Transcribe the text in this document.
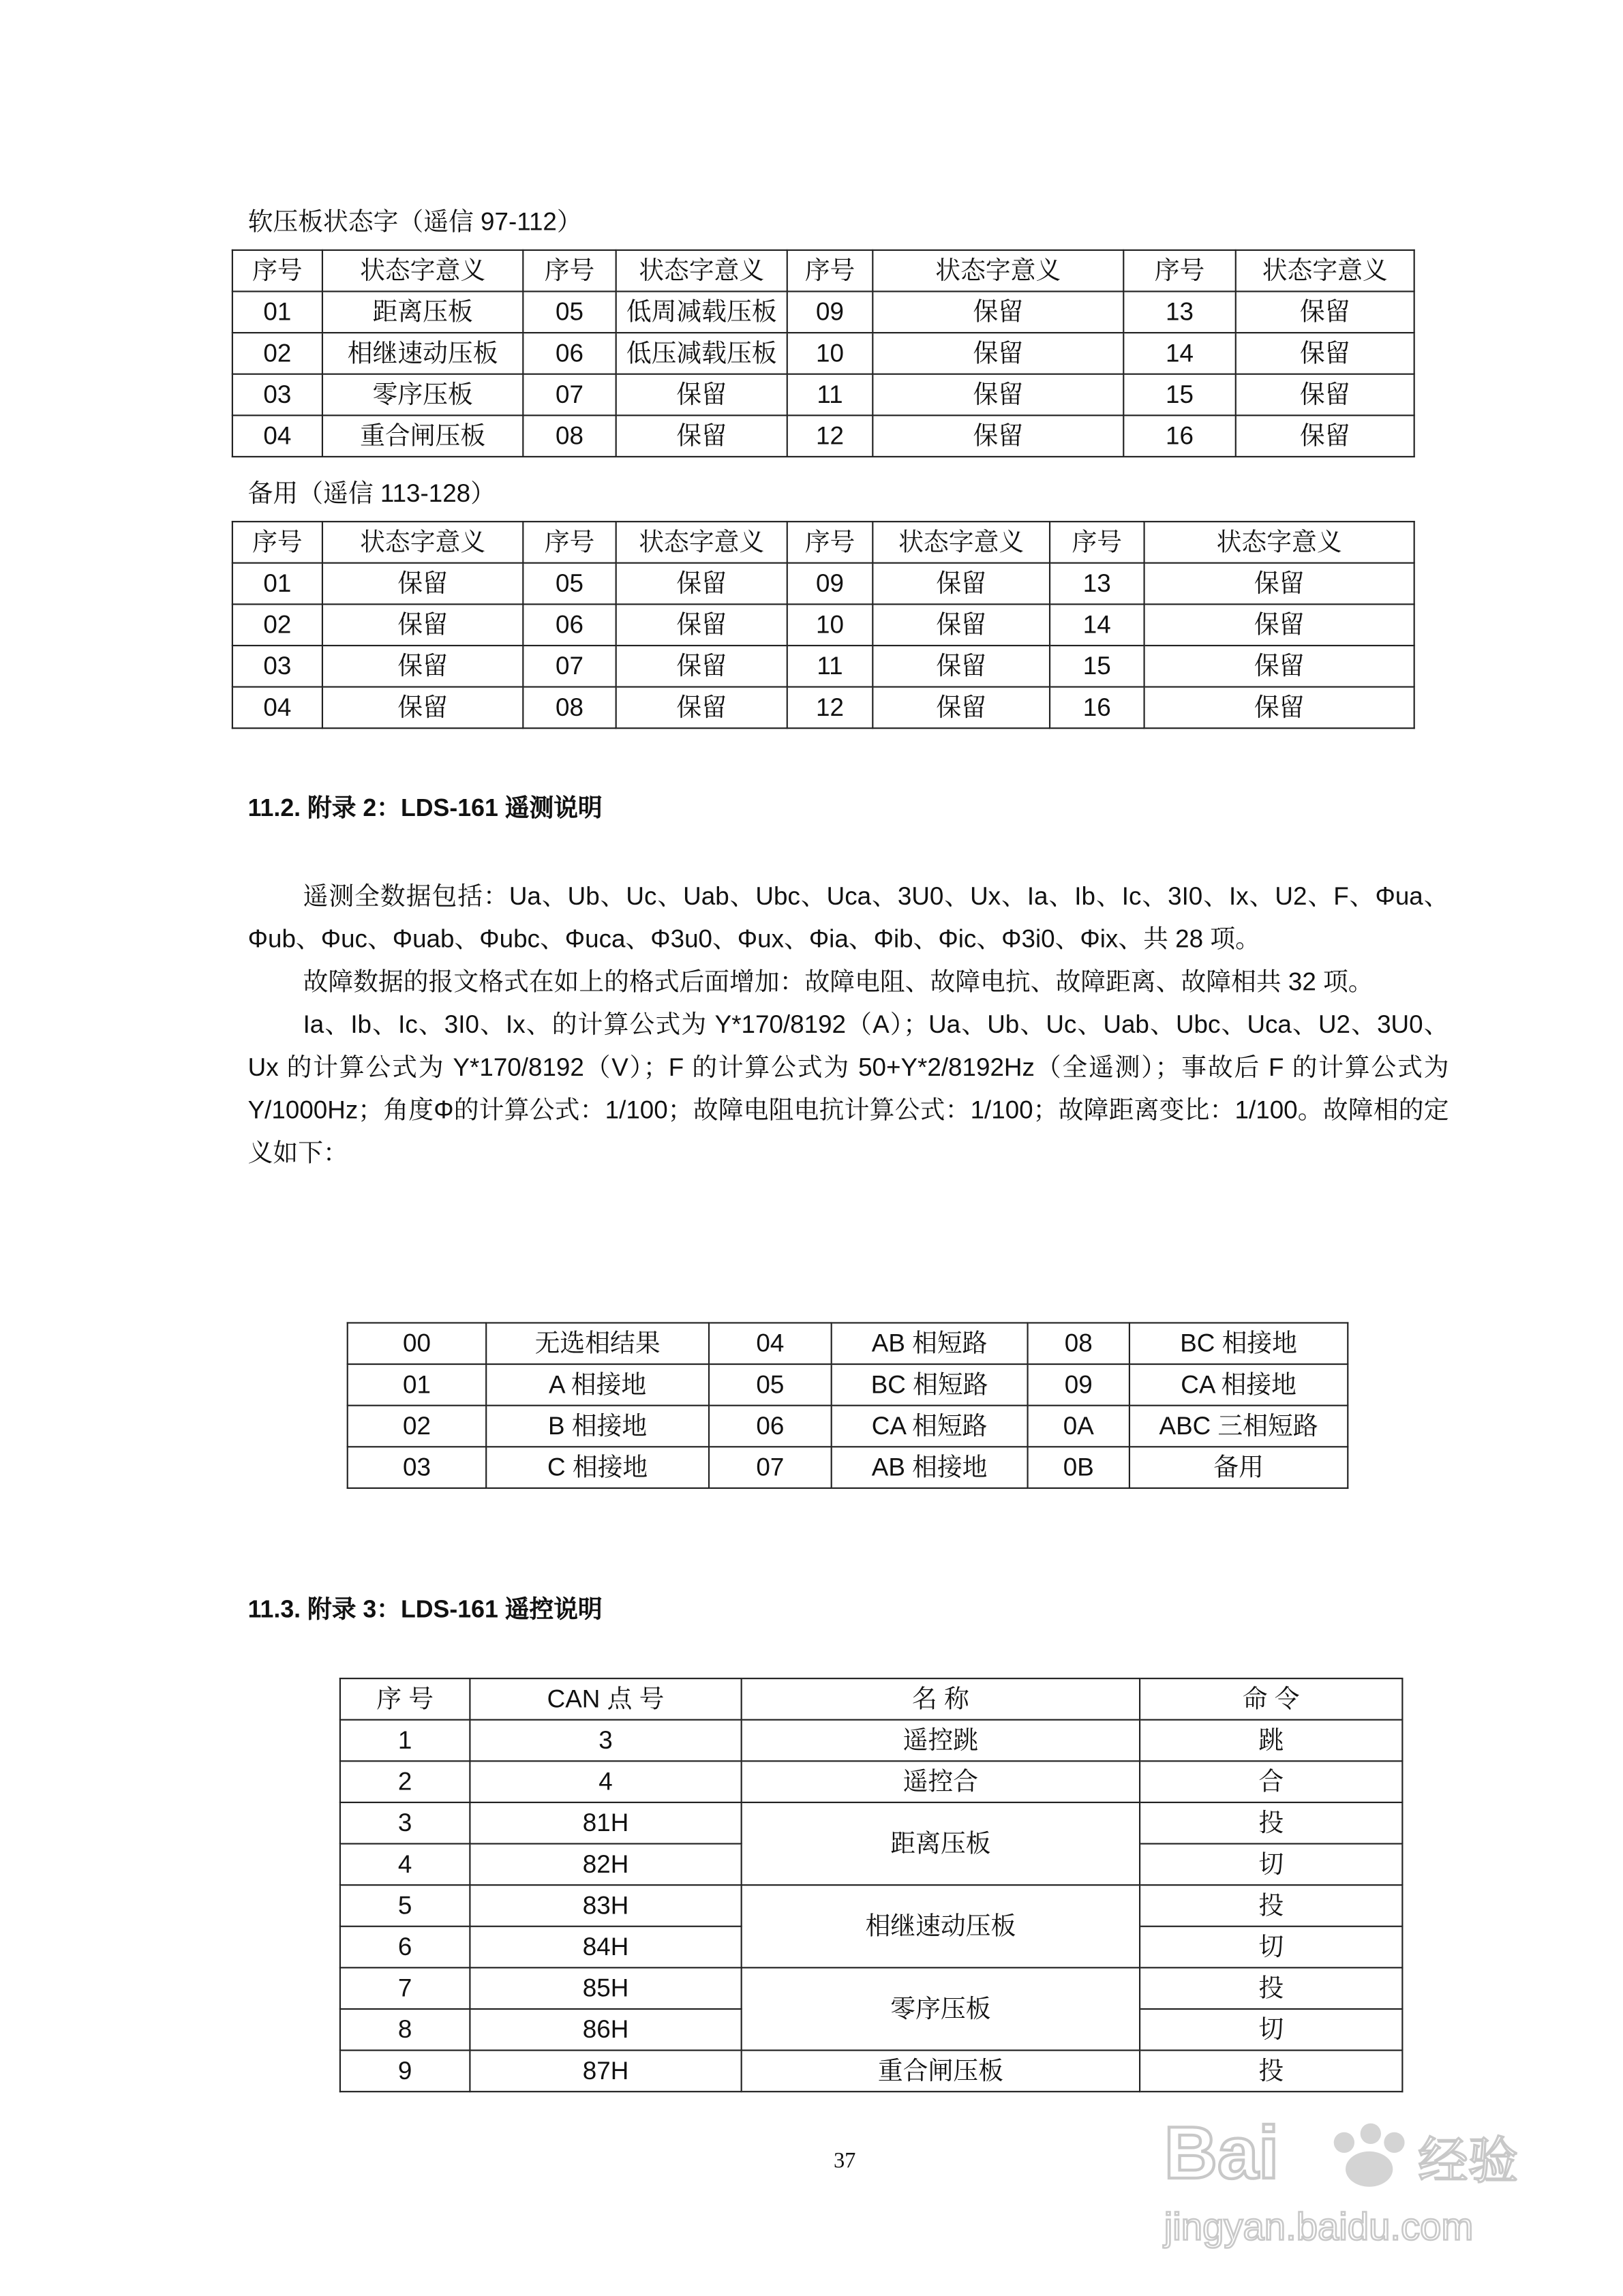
软压板状态字（遥信 97-112）
序号	状态字意义	序号	状态字意义	序号	状态字意义	序号	状态字意义
01	距离压板	05	低周减载压板	09	保留	13	保留
02	相继速动压板	06	低压减载压板	10	保留	14	保留
03	零序压板	07	保留	11	保留	15	保留
04	重合闸压板	08	保留	12	保留	16	保留
备用（遥信 113-128）
序号	状态字意义	序号	状态字意义	序号	状态字意义	序号	状态字意义
01	保留	05	保留	09	保留	13	保留
02	保留	06	保留	10	保留	14	保留
03	保留	07	保留	11	保留	15	保留
04	保留	08	保留	12	保留	16	保留
11.2. 附录 2：LDS-161 遥测说明

遥测全数据包括：Ua、Ub、Uc、Uab、Ubc、Uca、3U0、Ux、Ia、Ib、Ic、3I0、Ix、U2、F、Φua、Φub、Φuc、Φuab、Φubc、Φuca、Φ3u0、Φux、Φia、Φib、Φic、Φ3i0、Φix、共 28 项。

故障数据的报文格式在如上的格式后面增加：故障电阻、故障电抗、故障距离、故障相共 32 项。

Ia、Ib、Ic、3I0、Ix、的计算公式为 Y*170/8192（A）；Ua、Ub、Uc、Uab、Ubc、Uca、U2、3U0、Ux 的计算公式为 Y*170/8192（V）；F 的计算公式为 50+Y*2/8192Hz（全遥测）；事故后 F 的计算公式为 Y/1000Hz；角度Φ的计算公式：1/100；故障电阻电抗计算公式：1/100；故障距离变比：1/100。故障相的定义如下：

00	无选相结果	04	AB 相短路	08	BC 相接地
01	A 相接地	05	BC 相短路	09	CA 相接地
02	B 相接地	06	CA 相短路	0A	ABC 三相短路
03	C 相接地	07	AB 相接地	0B	备用
11.3. 附录 3：LDS-161 遥控说明
序 号	CAN 点 号	名 称	命 令
1	3	遥控跳	跳
2	4	遥控合	合
3	81H	距离压板	投
4	82H		切
5	83H	相继速动压板	投
6	84H		切
7	85H	零序压板	投
8	86H		切
9	87H	重合闸压板	投
37	Bai	经验
jingyan.baidu.com
